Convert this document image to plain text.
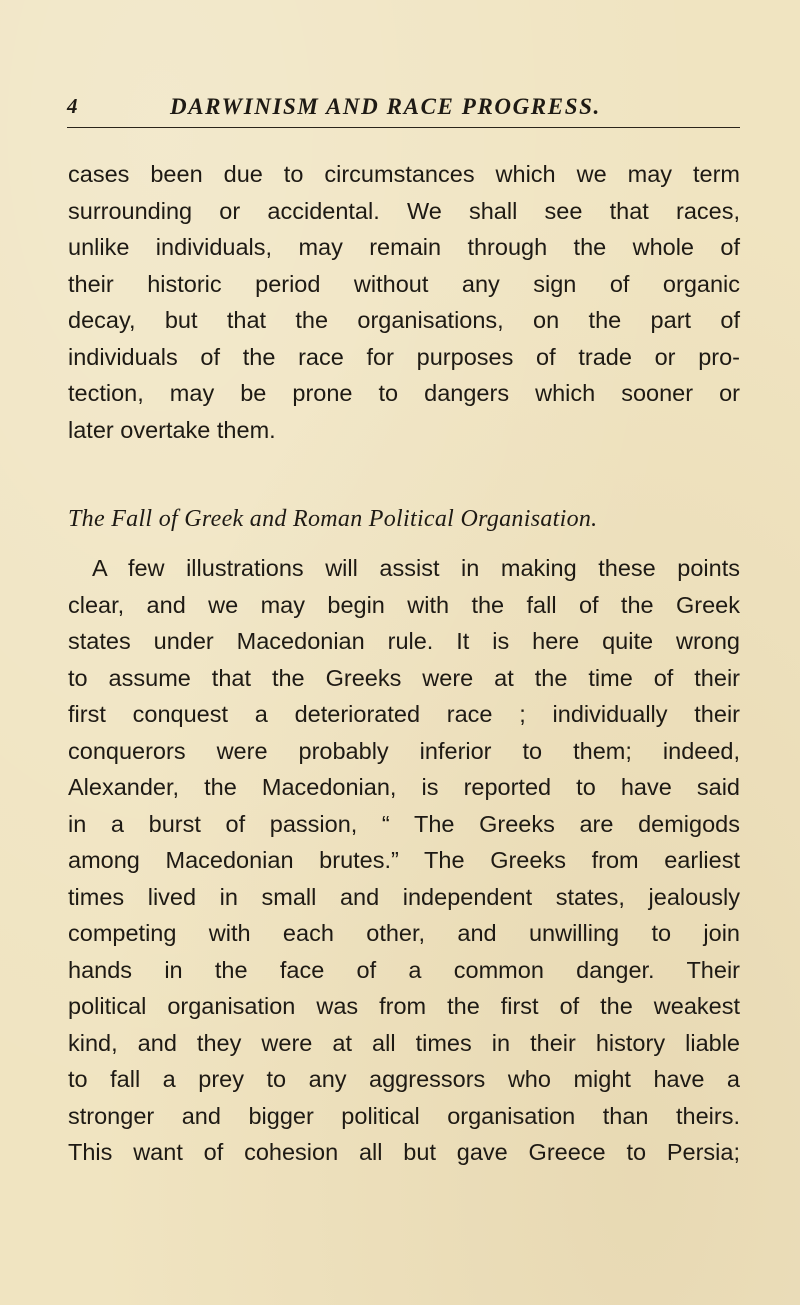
4	DARWINISM AND RACE PROGRESS.
cases been due to circumstances which we may term
surrounding or accidental. We shall see that races,
unlike individuals, may remain through the whole of
their historic period without any sign of organic
decay, but that the organisations, on the part of
individuals of the race for purposes of trade or pro-
tection, may be prone to dangers which sooner or
later overtake them.
The Fall of Greek and Roman Political Organisation.
A few illustrations will assist in making these points
clear, and we may begin with the fall of the Greek
states under Macedonian rule. It is here quite wrong
to assume that the Greeks were at the time of their
first conquest a deteriorated race ; individually their
conquerors were probably inferior to them; indeed,
Alexander, the Macedonian, is reported to have said
in a burst of passion, “ The Greeks are demigods
among Macedonian brutes.” The Greeks from earliest
times lived in small and independent states, jealously
competing with each other, and unwilling to join
hands in the face of a common danger. Their
political organisation was from the first of the weakest
kind, and they were at all times in their history liable
to fall a prey to any aggressors who might have a
stronger and bigger political organisation than theirs.
This want of cohesion all but gave Greece to Persia;
